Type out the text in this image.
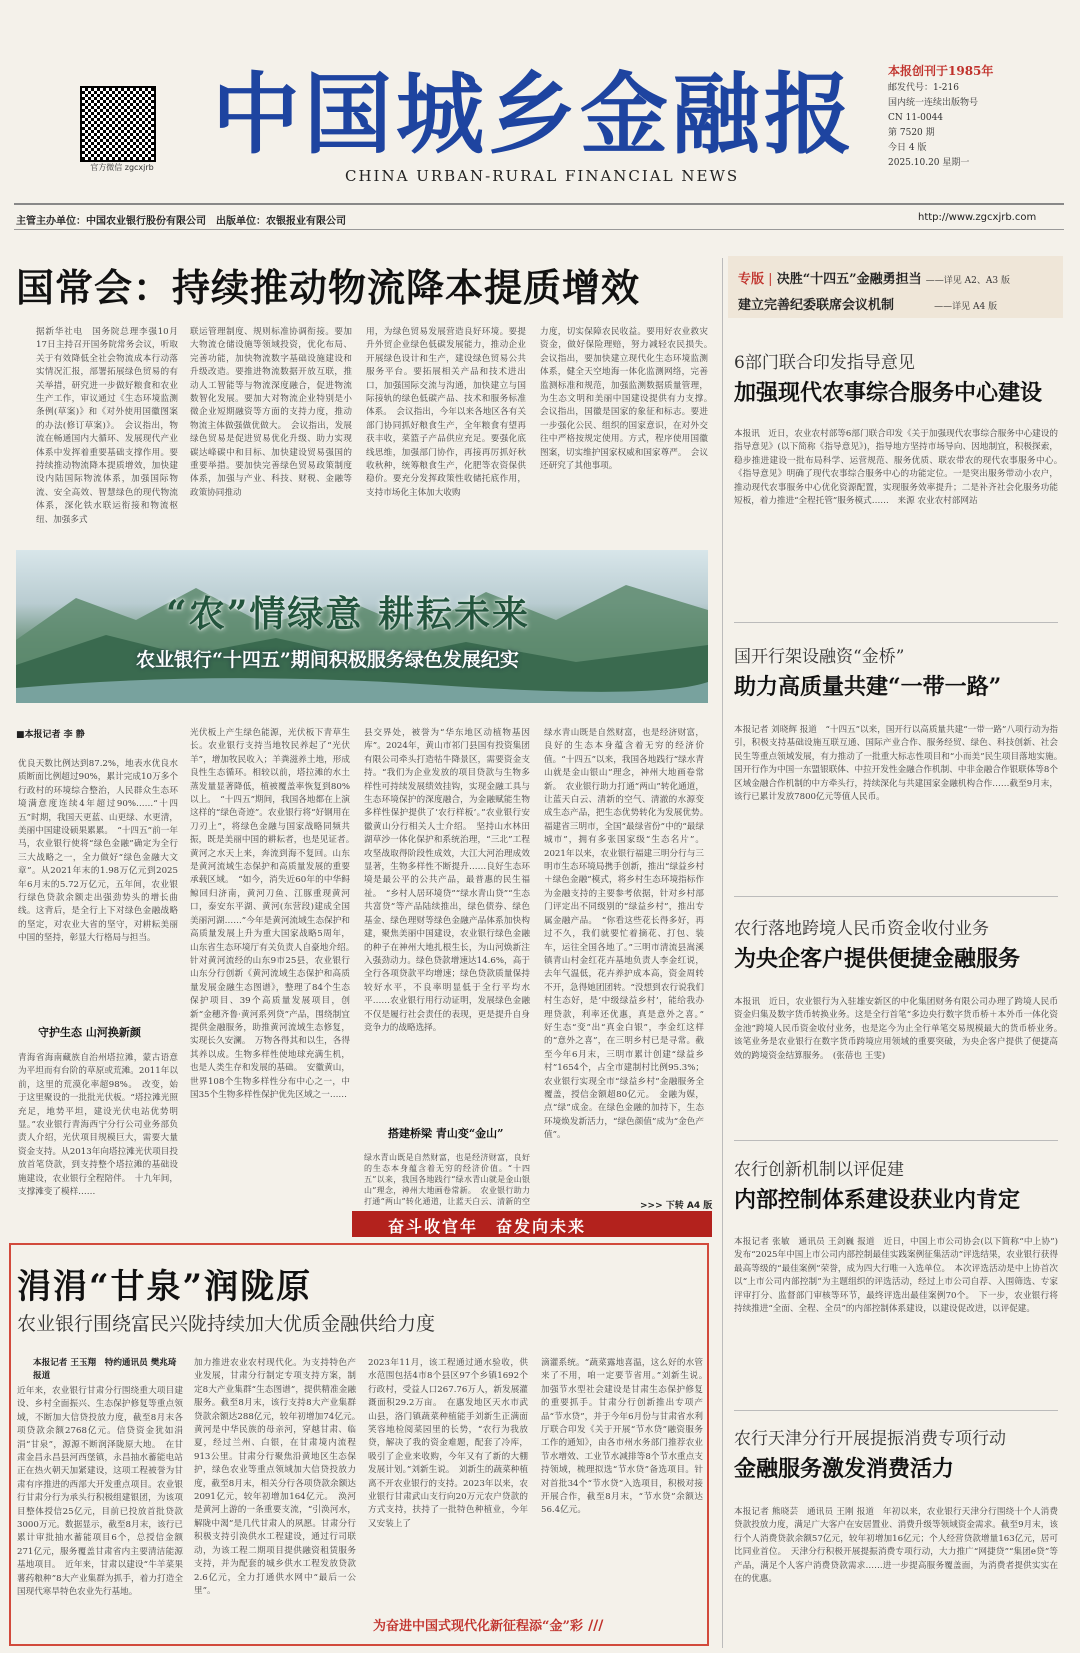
官方微信 zgcxjrb
中国城乡金融报
CHINA URBAN-RURAL FINANCIAL NEWS
本报创刊于1985年
邮发代号：1-216
国内统一连续出版物号
CN 11-0044
第 7520 期
今日 4 版
2025.10.20 星期一
主管主办单位：中国农业银行股份有限公司　出版单位：农银报业有限公司	http://www.zgcxjrb.com
国常会：持续推动物流降本提质增效
据新华社电　国务院总理李强10月17日主持召开国务院常务会议，听取关于有效降低全社会物流成本行动落实情况汇报，部署拓展绿色贸易的有关举措，研究进一步做好粮食和农业生产工作，审议通过《生态环境监测条例(草案)》和《对外使用国徽图案的办法(修订草案)》。　会议指出，物流在畅通国内大循环、发展现代产业体系中发挥着重要基础支撑作用。要持续推动物流降本提质增效，加快建设内陆国际物流体系，加强国际物流、安全高效、智慧绿色的现代物流体系，深化铁水联运衔接和物流枢纽、加强多式
联运管理制度、规则标准协调衔接。要加大物流仓储设施等领域投资，优化布局、完善功能，加快物流数字基础设施建设和升级改造。要推进物流数据开放互联，推动人工智能等与物流深度融合，促进物流数智化发展。要加大对物流企业特别是小微企业短期融资等方面的支持力度，推动物流主体做强做优做大。　会议指出，发展绿色贸易是促进贸易优化升级、助力实现碳达峰碳中和目标、加快建设贸易强国的重要举措。要加快完善绿色贸易政策制度体系，加强与产业、科技、财税、金融等政策协同推动
用，为绿色贸易发展营造良好环境。要提升外贸企业绿色低碳发展能力，推动企业开展绿色设计和生产，建设绿色贸易公共服务平台。要拓展相关产品和技术进出口，加强国际交流与沟通，加快建立与国际接轨的绿色低碳产品、技术和服务标准体系。　会议指出，今年以来各地区各有关部门协同抓好粮食生产，全年粮食有望再获丰收，菜篮子产品供应充足。要强化底线思维，加强部门协作，再接再厉抓好秋收秋种，统筹粮食生产，化肥等农资保供稳价。要充分发挥政策性收储托底作用，支持市场化主体加大收购
力度，切实保障农民收益。要用好农业救灾资金，做好保险理赔，努力减轻农民损失。　会议指出，要加快建立现代化生态环境监测体系，健全天空地海一体化监测网络，完善监测标准和规范，加强监测数据质量管理，为生态文明和美丽中国建设提供有力支撑。　会议指出，国徽是国家的象征和标志。要进一步强化公民、组织的国家意识，在对外交往中严格按规定使用。方式，程序使用国徽图案，切实维护国家权威和国家尊严。　会议还研究了其他事项。
“农”情绿意 耕耘未来
农业银行“十四五”期间积极服务绿色发展纪实
■本报记者 李 静
优良天数比例达到87.2%，地表水优良水质断面比例超过90%，累计完成10万多个行政村的环境综合整治，人民群众生态环境满意度连续4年超过90%……“十四五”时期，我国天更蓝、山更绿、水更清，美丽中国建设硕果累累。　“十四五”前一年马，农业银行使将“绿色金融”确定为全行三大战略之一，全力做好“绿色金融大文章”。从2021年末的1.98万亿元到2025年6月末的5.72万亿元，五年间，农业银行绿色贷款余额走出强劲势头的增长曲线。这背后，是全行上下对绿色金融战略的坚定，对农业大省的坚守，对耕耘美丽中国的坚持，彰显大行格局与担当。
守护生态 山河换新颜
青海省海南藏族自治州塔拉滩，蒙古语意为平坦而有台阶的草原或荒滩。2011年以前，这里的荒漠化率超98%。　改变，始于这里聚设的一批批光伏板。“塔拉滩光照充足，地势平坦，建设光伏电站优势明显。”农业银行青海西宁分行公司业务部负责人介绍，光伏项目规模巨大，需要大量资金支持。从2013年向塔拉滩光伏项目投放首笔贷款，到支持整个塔拉滩的基础设施建设，农业银行全程陪伴。　十九年间，支撑滩变了模样……
光伏板上产生绿色能源，光伏板下青草生长。农业银行支持当地牧民养起了“光伏羊”，增加牧民收入；羊粪滋养土地，形成良性生态循环。相较以前，塔拉滩的水土蒸发量显著降低，植被覆盖率恢复到80%以上。　“十四五”期间，我国各地都在上演这样的“绿色奇迹”。农业银行将“好钢用在刀刃上”，将绿色金融与国家战略同频共振，既是美丽中国的耕耘者，也是见证者。　黄河之水天上来，奔流到海不复回。山东是黄河流域生态保护和高质量发展的重要承载区域。　“如今，消失近60年的中华鲟鲸回归济南，黄河刀鱼、江豚重现黄河口，泰安东平湖、黄河(东营段)建成全国美丽河湖……”今年是黄河流域生态保护和高质量发展上升为重大国家战略5周年，山东省生态环境厅有关负责人自豪地介绍。　针对黄河流经的山东9市25县，农业银行山东分行创新《黄河流域生态保护和高质量发展金融生态图谱》，整理了84个生态保护项目、39个高质量发展项目，创新“金穗齐鲁·黄河系列贷”产品，围绕制宜提供金融服务，助推黄河流域生态修复，实现长久安澜。　万物各得其和以生，各得其养以成。生物多样性使地球充满生机，也是人类生存和发展的基础。　安徽黄山，世界108个生物多样性分布中心之一，中国35个生物多样性保护优先区域之一……
县交界处，被誉为“华东地区动植物基因库”。2024年，黄山市祁门县国有投资集团有限公司牵头打造牯牛降景区，需要资金支持。“我们为企业发放的项目贷款与生物多样性可持续发展绩效挂钩，实现金融工具与生态环境保护的深度融合，为金融赋能生物多样性保护提供了‘农行样板’。”农业银行安徽黄山分行相关人士介绍。　坚持山水林田湖草沙一体化保护和系统治理，“三北”工程攻坚战取得阶段性成效，大江大河治理成效显著，生物多样性不断提升……良好生态环境是最公平的公共产品，最普惠的民生福祉。　“乡村人居环境贷”“绿水青山贷”“生态共富贷”等产品陆续推出，绿色债券、绿色基金、绿色理财等绿色金融产品体系加快构建，聚焦美丽中国建设，农业银行绿色金融的种子在神州大地扎根生长，为山河焕新注入强劲动力。绿色贷款增速达14.6%，高于全行各项贷款平均增速；绿色贷款质量保持较好水平，不良率明显低于全行平均水平……农业银行用行动证明，发展绿色金融不仅是履行社会责任的表现，更是提升自身竞争力的战略选择。
搭建桥梁 青山变“金山”
绿水青山既是自然财富，也是经济财富，良好的生态本身蕴含着无穷的经济价值。“十四五”以来，我国各地践行“绿水青山就是金山银山”理念，神州大地画卷常新。　农业银行助力打通“两山”转化通道，让蓝天白云、清新的空　　　　
绿水青山既是自然财富，也是经济财富，良好的生态本身蕴含着无穷的经济价值。“十四五”以来，我国各地践行“绿水青山就是金山银山”理念，神州大地画卷常新。　农业银行助力打通“两山”转化通道，让蓝天白云、清新的空气、清澈的水源变成生态产品，把生态优势转化为发展优势。　福建省三明市，全国“最绿省份”中的“最绿城市”，拥有多张国家级“生态名片”。2021年以来，农业银行福建三明分行与三明市生态环境局携手创新，推出“绿益乡村＋绿色金融”模式，将乡村生态环境指标作为金融支持的主要参考依据，针对乡村部门评定出不同级别的“绿益乡村”，推出专属金融产品。　“你看这些花长得多好，再过不久，我们就要忙着摘花、打包、装车，运往全国各地了。”三明市清流县嵩溪镇青山村金红花卉基地负责人李金红说，去年气温低，花卉养护成本高，资金周转不开，急得她团团转。“没想到农行说我们村生态好，是‘中级绿益乡村’，能给我办理贷款，利率还优惠，真是意外之喜。”　好生态“变”出“真金白银”，李金红这样的“意外之喜”，在三明乡村已是寻常。截至今年6月末，三明市累计创建“绿益乡村”1654个，占全市建制村比例95.3%；农业银行实现全市“绿益乡村”金融服务全覆盖，授信金额超80亿元。　金融为媒，点“绿”成金。在绿色金融的加持下，生态环境焕发新活力，“绿色颜值”成为“金色产值”。
>>> 下转 A4 版
奋斗收官年　奋发向未来
涓涓“甘泉”润陇原
农业银行围绕富民兴陇持续加大优质金融供给力度
本报记者 王玉翔　特约通讯员 樊兆琦 报道
近年来，农业银行甘肃分行围绕重大项目建设、乡村全面振兴、生态保护修复等重点领域，不断加大信贷投放力度，截至8月末各项贷款余额2768亿元。信贷资金犹如涓涓“甘泉”，源源不断润泽陇原大地。　在甘肃金昌永昌县河西堡镇，永昌抽水蓄能电站正在热火朝天加紧建设，这项工程被誉为甘肃有序推进的西部大开发重点项目。农业银行甘肃分行为承头行积极组建银团，为该项目整体授信25亿元，目前已投放首批贷款3000万元。数据显示，截至8月末，该行已累计审批抽水蓄能项目6个，总授信金额271亿元，服务覆盖甘肃省内主要清洁能源基地项目。　近年来，甘肃以建设“牛羊菜果薯药粮种”8大产业集群为抓手，着力打造全国现代寒旱特色农业先行基地。
加力推进农业农村现代化。为支持特色产业发展，甘肃分行制定专项支持方案，制定8大产业集群“生态图谱”，提供精准金融服务。截至8月末，该行支持8大产业集群贷款余额达288亿元，较年初增加74亿元。　黄河是中华民族的母亲河，穿越甘肃、临夏，经过兰州、白银，在甘肃境内流程913公里。甘肃分行聚焦沿黄地区生态保护，绿色农业等重点领域加大信贷投放力度，截至8月末，相关分行各项贷款余额达2091亿元，较年初增加164亿元。　涣河是黄河上游的一条重要支流，“引涣河水，解陇中渴”是几代甘肃人的夙愿。甘肃分行积极支持引涣供水工程建设，通过行司联动，为该工程二期项目提供融资租赁服务支持，并为配套的城乡供水工程发放贷款2.6亿元，全力打通供水网中“最后一公里”。
2023年11月，该工程通过通水验收，供水范围包括4市8个县区97个乡镇1692个行政村，受益人口267.76万人，新发展灌溉面积29.2万亩。　在惠发地区天水市武山县，洛门镇蔬菜种植能手刘新生正满面笑容地检阅菜园里的长势，“农行为我放贷，解决了我的资金难题，配套了冷库，吸引了企业来收购，今年又有了新的大棚发展计划。”刘新生说。　刘新生的蔬菜种植离不开农业银行的支持。2023年以来，农业银行甘肃武山支行向20万元农户贷款的方式支持，扶持了一批特色种植业，今年又安装上了
滴灌系统。“蔬菜露地喜温，这么好的水管来了不用，咱一定要节省用。”刘新生说。　加强节水型社会建设是甘肃生态保护修复的重要抓手。甘肃分行创新推出专项产品“节水贷”，并于今年6月份与甘肃省水利厅联合印发《关于开展“节水贷”融资服务工作的通知》，由各市州水务部门推荐农业节水增效、工业节水减排等8个节水重点支持领域，梳理拟选“节水贷”备选项目。针对首批34个“节水贷”入选项目，积极对接开展合作，截至8月末，“节水贷”余额达56.4亿元。
为奋进中国式现代化新征程添“金”彩 ///
专版 | 决胜“十四五”金融勇担当 ——详见 A2、A3 版
建立完善纪委联席会议机制	——详见 A4 版
6部门联合印发指导意见
加强现代农事综合服务中心建设
本报讯　近日，农业农村部等6部门联合印发《关于加强现代农事综合服务中心建设的指导意见》(以下简称《指导意见》)，指导地方坚持市场导向、因地制宜，积极探索，稳步推进建设一批布局科学、运营规范、服务优质、联农带农的现代农事服务中心。　《指导意见》明确了现代农事综合服务中心的功能定位。一是突出服务带动小农户，推动现代农事服务中心优化资源配置，实现服务效率提升；二是补齐社会化服务功能短板，着力推进“全程托管”服务模式……　来源 农业农村部网站
国开行架设融资“金桥”
助力高质量共建“一带一路”
本报记者 刘晓辉 报道　“十四五”以来，国开行以高质量共建“一带一路”八项行动为指引，积极支持基础设施互联互通、国际产业合作、服务经贸、绿色、科技创新、社会民生等重点领域发展，有力推动了一批重大标志性项目和“小而美”民生项目落地实施。　国开行作为中国一东盟银联体、中拉开发性金融合作机制、中非金融合作银联体等8个区域金融合作机制的中方牵头行，持续深化与共建国家金融机构合作……截至9月末，该行已累计发放7800亿元等值人民币。
农行落地跨境人民币资金收付业务
为央企客户提供便捷金融服务
本报讯　近日，农业银行为入驻雄安新区的中化集团财务有限公司办理了跨境人民币资金归集及数字货币转换业务。这是全行首笔“多边央行数字货币桥＋本外币一体化资金池”跨境人民币资金收付业务，也是迄今为止全行单笔交易规模最大的货币桥业务。　该笔业务是农业银行在数字货币跨境应用领域的重要突破，为央企客户提供了便捷高效的跨境资金结算服务。　(张蓓也 王雯)
农行创新机制以评促建
内部控制体系建设获业内肯定
本报记者 张敏　通讯员 王剑巍 报道　近日，中国上市公司协会(以下简称“中上协”)发布“2025年中国上市公司内部控制最佳实践案例征集活动”评选结果，农业银行获得最高等级的“最佳案例”荣誉，成为四大行唯一入选单位。　本次评选活动是中上协首次以“上市公司内部控制”为主题组织的评选活动，经过上市公司自荐、入围筛选、专家评审打分、监督部门审核等环节，最终评选出最佳案例70个。　下一步，农业银行将持续推进“全面、全程、全员”的内部控制体系建设，以建设促改进，以评促建。
农行天津分行开展提振消费专项行动
金融服务激发消费活力
本报记者 熊晓芸　通讯员 王刚 报道　年初以来，农业银行天津分行围绕十个人消费贷款投放力度，满足广大客户在安居置业、消费升级等领域资金需求。截至9月末，该行个人消费贷款余额57亿元，较年初增加16亿元；个人经营贷款增量163亿元，居可比同业首位。　天津分行积极开展提振消费专项行动，大力推广“网捷贷”“集团e贷”等产品，满足个人客户消费贷款需求……进一步提高服务覆盖面，为消费者提供实实在在的优惠。
